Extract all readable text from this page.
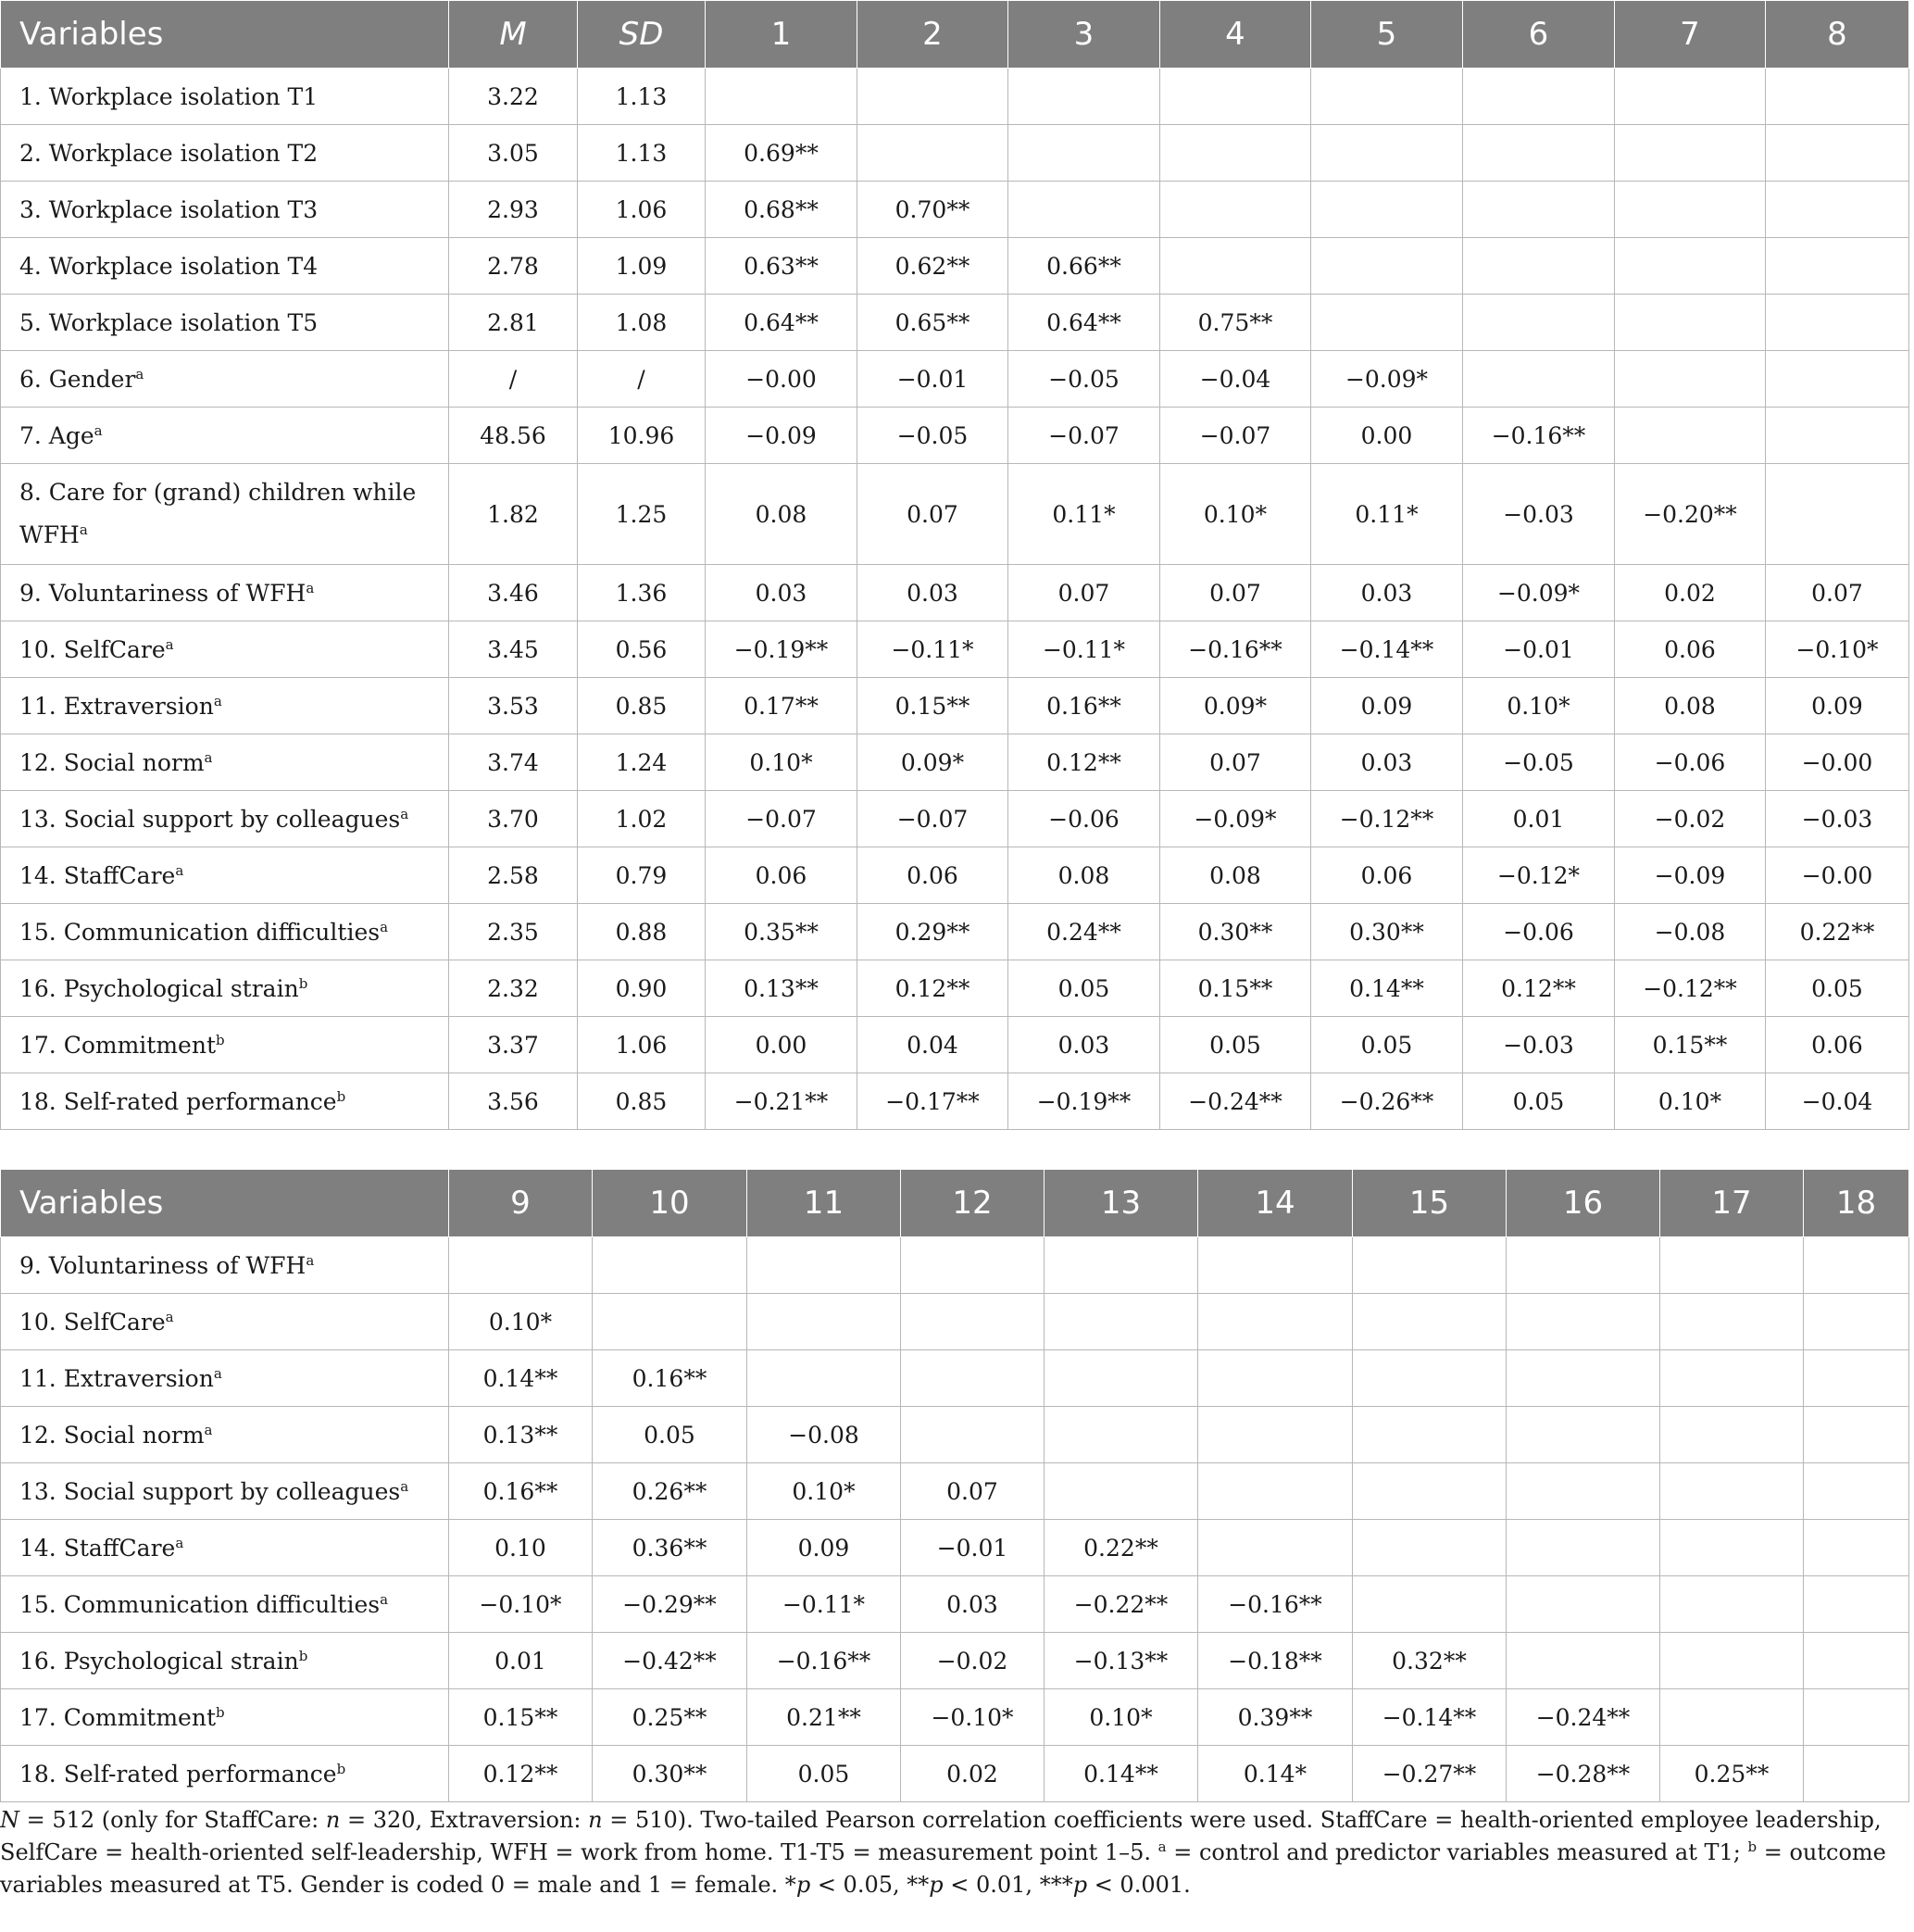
Variables	M	SD	1	2	3	4	5	6	7	8
1. Workplace isolation T1	3.22	1.13								
2. Workplace isolation T2	3.05	1.13	0.69**							
3. Workplace isolation T3	2.93	1.06	0.68**	0.70**						
4. Workplace isolation T4	2.78	1.09	0.63**	0.62**	0.66**					
5. Workplace isolation T5	2.81	1.08	0.64**	0.65**	0.64**	0.75**				
6. Gender$^a$	/	/	−0.00	−0.01	−0.05	−0.04	−0.09*			
7. Age$^a$	48.56	10.96	−0.09	−0.05	−0.07	−0.07	0.00	−0.16**		

8. Care for (grand) children while
WFH$^a$	1.82	1.25	0.08	0.07	0.11*	0.10*	0.11*	−0.03	−0.20**	
9. Voluntariness of WFH$^a$	3.46	1.36	0.03	0.03	0.07	0.07	0.03	−0.09*	0.02	0.07
10. SelfCare$^a$	3.45	0.56	−0.19**	−0.11*	−0.11*	−0.16**	−0.14**	−0.01	0.06	−0.10*
11. Extraversion$^a$	3.53	0.85	0.17**	0.15**	0.16**	0.09*	0.09	0.10*	0.08	0.09
12. Social norm$^a$	3.74	1.24	0.10*	0.09*	0.12**	0.07	0.03	−0.05	−0.06	−0.00
13. Social support by colleagues$^a$	3.70	1.02	−0.07	−0.07	−0.06	−0.09*	−0.12**	0.01	−0.02	−0.03
14. StaffCare$^a$	2.58	0.79	0.06	0.06	0.08	0.08	0.06	−0.12*	−0.09	−0.00
15. Communication difficulties$^a$	2.35	0.88	0.35**	0.29**	0.24**	0.30**	0.30**	−0.06	−0.08	0.22**
16. Psychological strain$^b$	2.32	0.90	0.13**	0.12**	0.05	0.15**	0.14**	0.12**	−0.12**	0.05
17. Commitment$^b$	3.37	1.06	0.00	0.04	0.03	0.05	0.05	−0.03	0.15**	0.06
18. Self-rated performance$^b$	3.56	0.85	−0.21**	−0.17**	−0.19**	−0.24**	−0.26**	0.05	0.10*	−0.04
Variables	9	10	11	12	13	14	15	16	17	18
9. Voluntariness of WFH$^a$										
10. SelfCare$^a$	0.10*									
11. Extraversion$^a$	0.14**	0.16**								
12. Social norm$^a$	0.13**	0.05	−0.08							
13. Social support by colleagues$^a$	0.16**	0.26**	0.10*	0.07						
14. StaffCare$^a$	0.10	0.36**	0.09	−0.01	0.22**					
15. Communication difficulties$^a$	−0.10*	−0.29**	−0.11*	0.03	−0.22**	−0.16**				
16. Psychological strain$^b$	0.01	−0.42**	−0.16**	−0.02	−0.13**	−0.18**	0.32**			
17. Commitment$^b$	0.15**	0.25**	0.21**	−0.10*	0.10*	0.39**	−0.14**	−0.24**		
18. Self-rated performance$^b$	0.12**	0.30**	0.05	0.02	0.14**	0.14*	−0.27**	−0.28**	0.25**	

N = 512 (only for StaffCare: n = 320, Extraversion: n = 510). Two-tailed Pearson correlation coefficients were used. StaffCare = health-oriented employee leadership, SelfCare = health-oriented self-leadership, WFH = work from home. T1-T5 = measurement point 1–5. $^a$ = control and predictor variables measured at T1; $^b$ = outcome variables measured at T5. Gender is coded 0 = male and 1 = female. *p < 0.05, **p < 0.01, ***p < 0.001.
